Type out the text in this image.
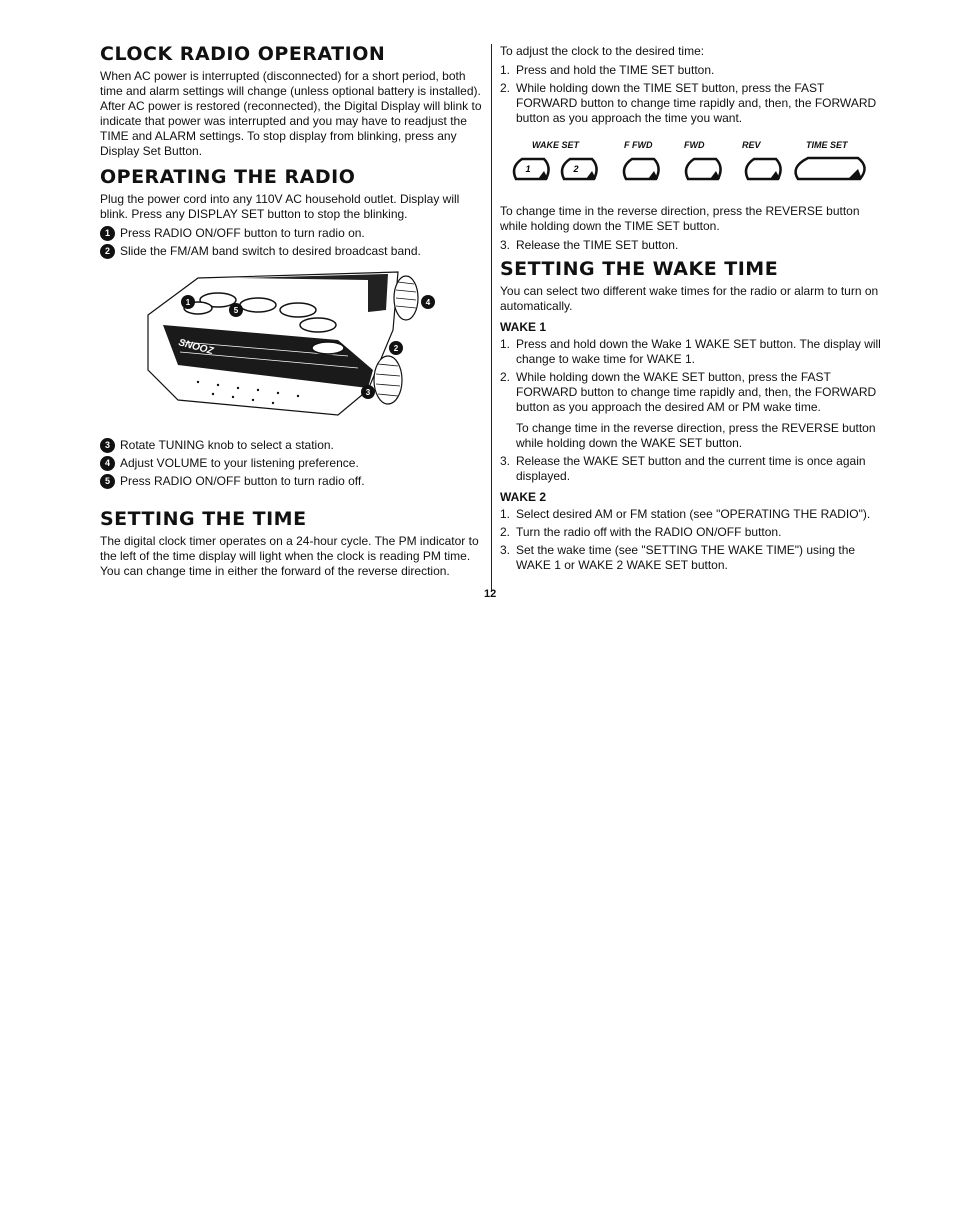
CLOCK RADIO OPERATION

When AC power is interrupted (disconnected) for a short period, both time and alarm settings will change (unless optional battery is installed). After AC power is restored (reconnected), the Digital Display will blink to indicate that power was interrupted and you may have to readjust the TIME and ALARM settings. To stop display from blinking, press any Display Set Button.

OPERATING THE RADIO

Plug the power cord into any 110V AC household outlet. Display will blink. Press any DISPLAY SET button to stop the blinking.

1 Press RADIO ON/OFF button to turn radio on.
2 Slide the FM/AM band switch to desired broadcast band.
SNOOZ
1
5
4
2
3
3 Rotate TUNING knob to select a station.
4 Adjust VOLUME to your listening preference.
5 Press RADIO ON/OFF button to turn radio off.
SETTING THE TIME

The digital clock timer operates on a 24-hour cycle. The PM indicator to the left of the time display will light when the clock is reading PM time. You can change time in either the forward of the reverse direction.

To adjust the clock to the desired time:

1. Press and hold the TIME SET button.
2. While holding down the TIME SET button, press the FAST FORWARD button to change time rapidly and, then, the FORWARD button as you approach the time you want.
WAKE SET	F FWD	FWD	REV	TIME SET
1	2

To change time in the reverse direction, press the REVERSE button while holding down the TIME SET button.

3. Release the TIME SET button.
SETTING THE WAKE TIME

You can select two different wake times for the radio or alarm to turn on automatically.

WAKE 1
1. Press and hold down the Wake 1 WAKE SET button. The display will change to wake time for WAKE 1.
2. While holding down the WAKE SET button, press the FAST FORWARD button to change time rapidly and, then, the FORWARD button as you approach the desired AM or PM wake time.
To change time in the reverse direction, press the REVERSE button while holding down the WAKE SET button.
3. Release the WAKE SET button and the current time is once again displayed.
WAKE 2
1. Select desired AM or FM station (see "OPERATING THE RADIO").
2. Turn the radio off with the RADIO ON/OFF button.
3. Set the wake time (see "SETTING THE WAKE TIME") using the WAKE 1 or WAKE 2 WAKE SET button.
12
